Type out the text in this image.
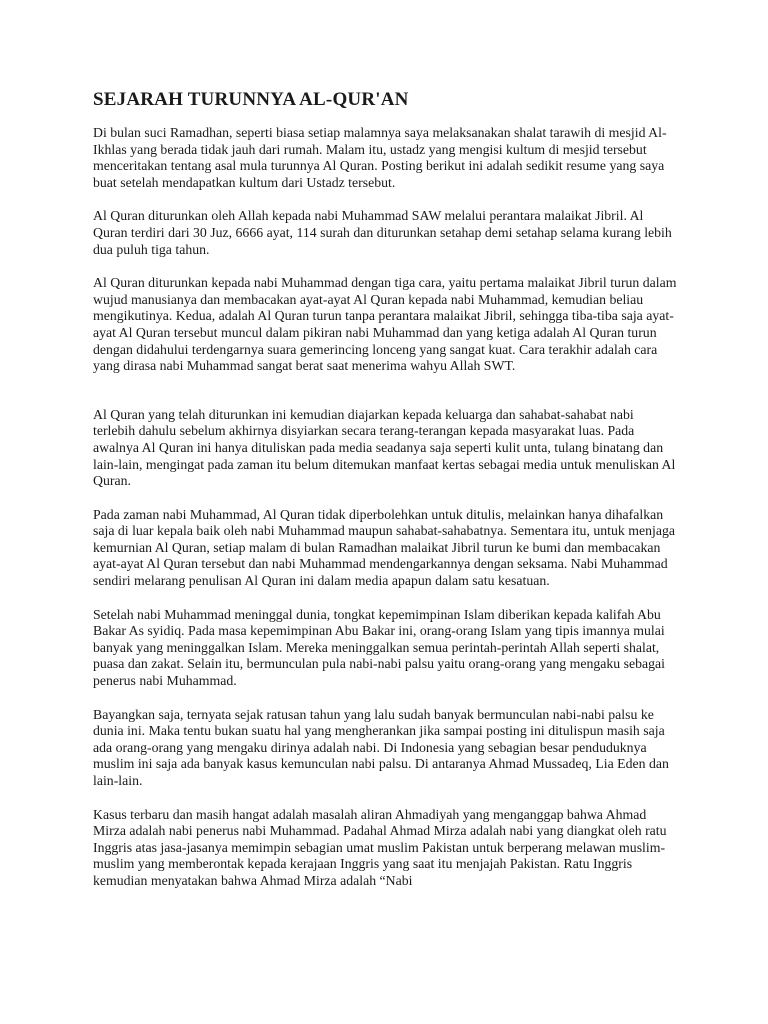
SEJARAH TURUNNYA AL-QUR'AN

Di bulan suci Ramadhan, seperti biasa setiap malamnya saya melaksanakan shalat tarawih di mesjid Al-Ikhlas yang berada tidak jauh dari rumah. Malam itu, ustadz yang mengisi kultum di mesjid tersebut menceritakan tentang asal mula turunnya Al Quran. Posting berikut ini adalah sedikit resume yang saya buat setelah mendapatkan kultum dari Ustadz tersebut.

Al Quran diturunkan oleh Allah kepada nabi Muhammad SAW melalui perantara malaikat Jibril. Al Quran terdiri dari 30 Juz, 6666 ayat, 114 surah dan diturunkan setahap demi setahap selama kurang lebih dua puluh tiga tahun.

Al Quran diturunkan kepada nabi Muhammad dengan tiga cara, yaitu pertama malaikat Jibril turun dalam wujud manusianya dan membacakan ayat-ayat Al Quran kepada nabi Muhammad, kemudian beliau mengikutinya. Kedua, adalah Al Quran turun tanpa perantara malaikat Jibril, sehingga tiba-tiba saja ayat-ayat Al Quran tersebut muncul dalam pikiran nabi Muhammad dan yang ketiga adalah Al Quran turun dengan didahului terdengarnya suara gemerincing lonceng yang sangat kuat. Cara terakhir adalah cara yang dirasa nabi Muhammad sangat berat saat menerima wahyu Allah SWT.

Al Quran yang telah diturunkan ini kemudian diajarkan kepada keluarga dan sahabat-sahabat nabi terlebih dahulu sebelum akhirnya disyiarkan secara terang-terangan kepada masyarakat luas. Pada awalnya Al Quran ini hanya dituliskan pada media seadanya saja seperti kulit unta, tulang binatang dan lain-lain, mengingat pada zaman itu belum ditemukan manfaat kertas sebagai media untuk menuliskan Al Quran.

Pada zaman nabi Muhammad, Al Quran tidak diperbolehkan untuk ditulis, melainkan hanya dihafalkan saja di luar kepala baik oleh nabi Muhammad maupun sahabat-sahabatnya. Sementara itu, untuk menjaga kemurnian Al Quran, setiap malam di bulan Ramadhan malaikat Jibril turun ke bumi dan membacakan ayat-ayat Al Quran tersebut dan nabi Muhammad mendengarkannya dengan seksama. Nabi Muhammad sendiri melarang penulisan Al Quran ini dalam media apapun dalam satu kesatuan.

Setelah nabi Muhammad meninggal dunia, tongkat kepemimpinan Islam diberikan kepada kalifah Abu Bakar As syidiq. Pada masa kepemimpinan Abu Bakar ini, orang-orang Islam yang tipis imannya mulai banyak yang meninggalkan Islam. Mereka meninggalkan semua perintah-perintah Allah seperti shalat, puasa dan zakat. Selain itu, bermunculan pula nabi-nabi palsu yaitu orang-orang yang mengaku sebagai penerus nabi Muhammad.

Bayangkan saja, ternyata sejak ratusan tahun yang lalu sudah banyak bermunculan nabi-nabi palsu ke dunia ini. Maka tentu bukan suatu hal yang mengherankan jika sampai posting ini ditulispun masih saja ada orang-orang yang mengaku dirinya adalah nabi. Di Indonesia yang sebagian besar penduduknya muslim ini saja ada banyak kasus kemunculan nabi palsu. Di antaranya Ahmad Mussadeq, Lia Eden dan lain-lain.

Kasus terbaru dan masih hangat adalah masalah aliran Ahmadiyah yang menganggap bahwa Ahmad Mirza adalah nabi penerus nabi Muhammad. Padahal Ahmad Mirza adalah nabi yang diangkat oleh ratu Inggris atas jasa-jasanya memimpin sebagian umat muslim Pakistan untuk berperang melawan muslim-muslim yang memberontak kepada kerajaan Inggris yang saat itu menjajah Pakistan. Ratu Inggris kemudian menyatakan bahwa Ahmad Mirza adalah “Nabi
